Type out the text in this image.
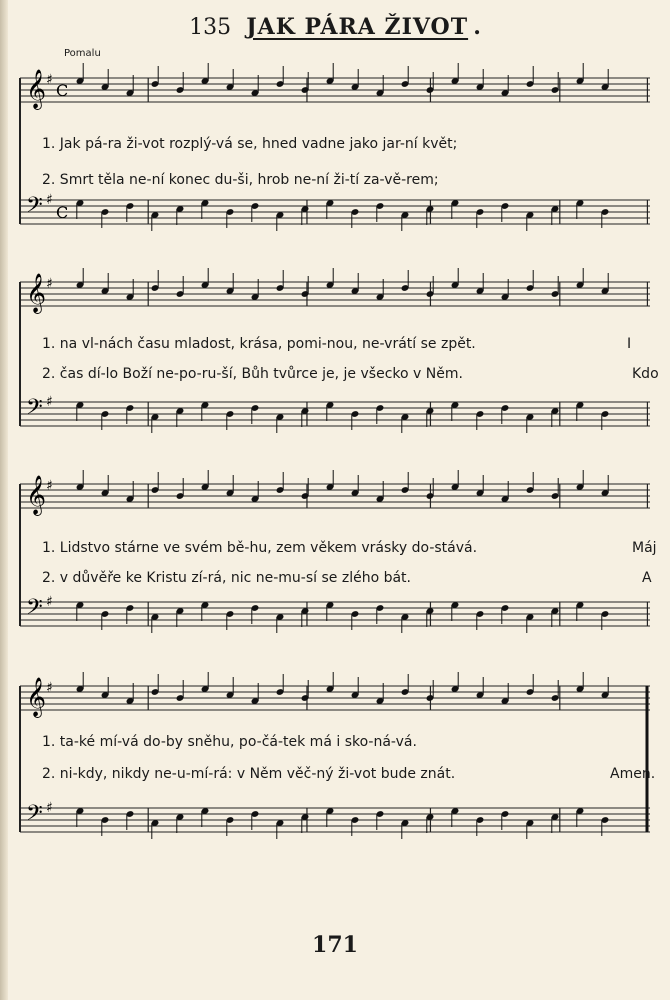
135 JAK PÁRA ŽIVOT .
Pomalu
𝄞 ♯
C
𝄢 ♯
C
1. Jak pá-ra ži-vot rozplý-vá se, hned vadne jako jar-ní květ;
2. Smrt těla ne-ní konec du-ši, hrob ne-ní ži-tí za-vě-rem;
𝄞 ♯
𝄢 ♯
1. na vl-nách času mladost, krása, pomi-nou, ne-vrátí se zpět.	I
2. čas dí-lo Boží ne-po-ru-ší, Bůh tvůrce je, je všecko v Něm.	Kdo
𝄞 ♯
𝄢 ♯
1. Lidstvo stárne ve svém bě-hu, zem věkem vrásky do-stává.	Máj
2. v důvěře ke Kristu zí-rá, nic ne-mu-sí se zlého bát.	A
𝄞 ♯
𝄢 ♯
1. ta-ké mí-vá do-by sněhu, po-čá-tek má i sko-ná-vá.
2. ni-kdy, nikdy ne-u-mí-rá: v Něm věč-ný ži-vot bude znát.	Amen.
171
